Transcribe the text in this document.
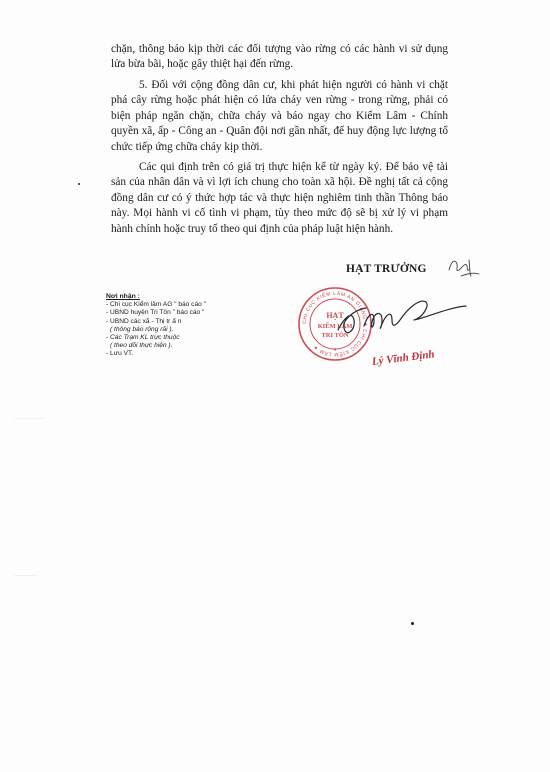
chặn, thông báo kịp thời các đối tượng vào rừng có các hành vi sử dụng lửa bừa bãi, hoặc gây thiệt hại đến rừng.

5. Đối với cộng đồng dân cư, khi phát hiện người có hành vi chặt phá cây rừng hoặc phát hiện có lửa cháy ven rừng - trong rừng, phải có biện pháp ngăn chặn, chữa cháy và báo ngay cho Kiểm Lâm - Chính quyền xã, ấp - Công an - Quân đội nơi gần nhất, để huy động lực lượng tổ chức tiếp ứng chữa cháy kịp thời.

Các qui định trên có giá trị thực hiện kể từ ngày ký. Để bảo vệ tài sản của nhân dân và vì lợi ích chung cho toàn xã hội. Đề nghị tất cả cộng đồng dân cư có ý thức hợp tác và thực hiện nghiêm tinh thần Thông báo này. Mọi hành vi cố tình vi phạm, tùy theo mức độ sẽ bị xử lý vi phạm hành chính hoặc truy tố theo qui định của pháp luật hiện hành.

HẠT TRƯỞNG
CHI CỤC KIỂM LÂM AN GIANG ★ CHI CỤC KIỂM LÂM ★
HẠT
KIỂM LÂM
TRI TÔN
★	Lý Vĩnh Định
Nơi nhận :
- Chi cục Kiểm lâm AG " báo cáo "
- UBND huyện Tri Tôn " báo cáo "
- UBND các xã - Thị tr ấ n
( thông báo rộng rãi ).
- Các Trạm KL trực thuộc
( theo dõi thực hiện ).
- Lưu VT.
